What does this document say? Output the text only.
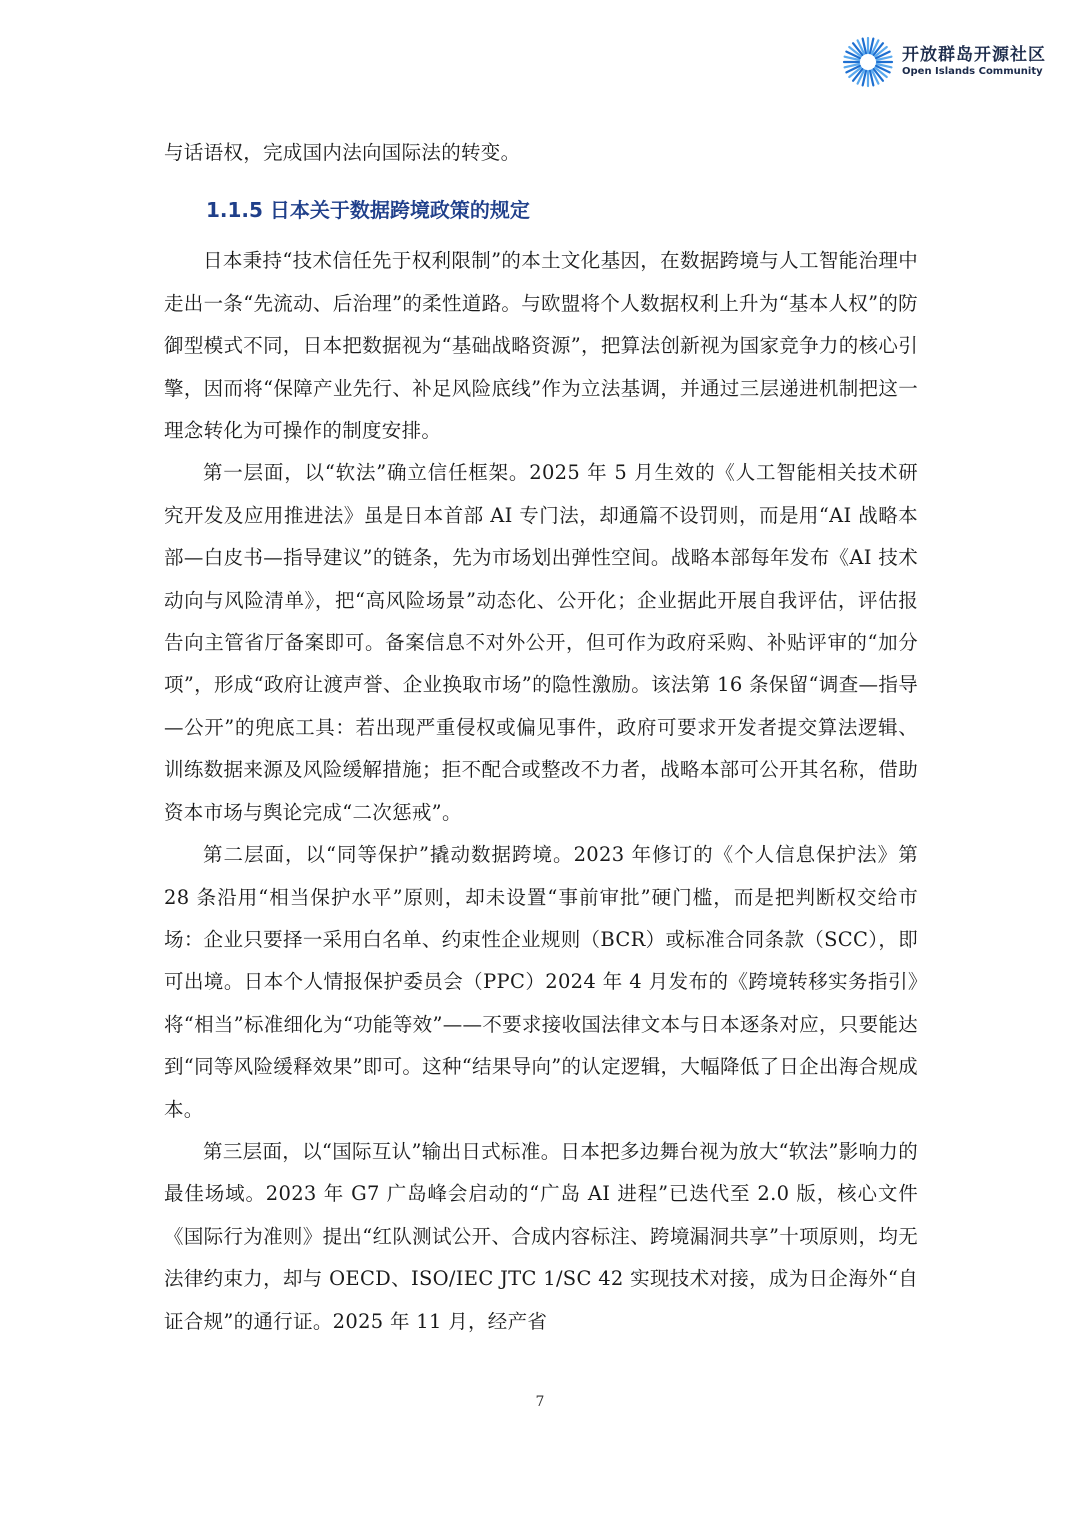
开放群岛开源社区
Open Islands Community

与话语权，完成国内法向国际法的转变。

1.1.5 日本关于数据跨境政策的规定

日本秉持“技术信任先于权利限制”的本土文化基因，在数据跨境与人工智能治理中走出一条“先流动、后治理”的柔性道路。与欧盟将个人数据权利上升为“基本人权”的防御型模式不同，日本把数据视为“基础战略资源”，把算法创新视为国家竞争力的核心引擎，因而将“保障产业先行、补足风险底线”作为立法基调，并通过三层递进机制把这一理念转化为可操作的制度安排。

第一层面，以“软法”确立信任框架。2025 年 5 月生效的《人工智能相关技术研究开发及应用推进法》虽是日本首部 AI 专门法，却通篇不设罚则，而是用“AI 战略本部—白皮书—指导建议”的链条，先为市场划出弹性空间。战略本部每年发布《AI 技术动向与风险清单》，把“高风险场景”动态化、公开化；企业据此开展自我评估，评估报告向主管省厅备案即可。备案信息不对外公开，但可作为政府采购、补贴评审的“加分项”，形成“政府让渡声誉、企业换取市场”的隐性激励。该法第 16 条保留“调查—指导—公开”的兜底工具：若出现严重侵权或偏见事件，政府可要求开发者提交算法逻辑、训练数据来源及风险缓解措施；拒不配合或整改不力者，战略本部可公开其名称，借助资本市场与舆论完成“二次惩戒”。

第二层面，以“同等保护”撬动数据跨境。2023 年修订的《个人信息保护法》第 28 条沿用“相当保护水平”原则，却未设置“事前审批”硬门槛，而是把判断权交给市场：企业只要择一采用白名单、约束性企业规则（BCR）或标准合同条款（SCC），即可出境。日本个人情报保护委员会（PPC）2024 年 4 月发布的《跨境转移实务指引》将“相当”标准细化为“功能等效”——不要求接收国法律文本与日本逐条对应，只要能达到“同等风险缓释效果”即可。这种“结果导向”的认定逻辑，大幅降低了日企出海合规成本。

第三层面，以“国际互认”输出日式标准。日本把多边舞台视为放大“软法”影响力的最佳场域。2023 年 G7 广岛峰会启动的“广岛 AI 进程”已迭代至 2.0 版，核心文件《国际行为准则》提出“红队测试公开、合成内容标注、跨境漏洞共享”十项原则，均无法律约束力，却与 OECD、ISO/IEC JTC 1/SC 42 实现技术对接，成为日企海外“自证合规”的通行证。2025 年 11 月，经产省

7
